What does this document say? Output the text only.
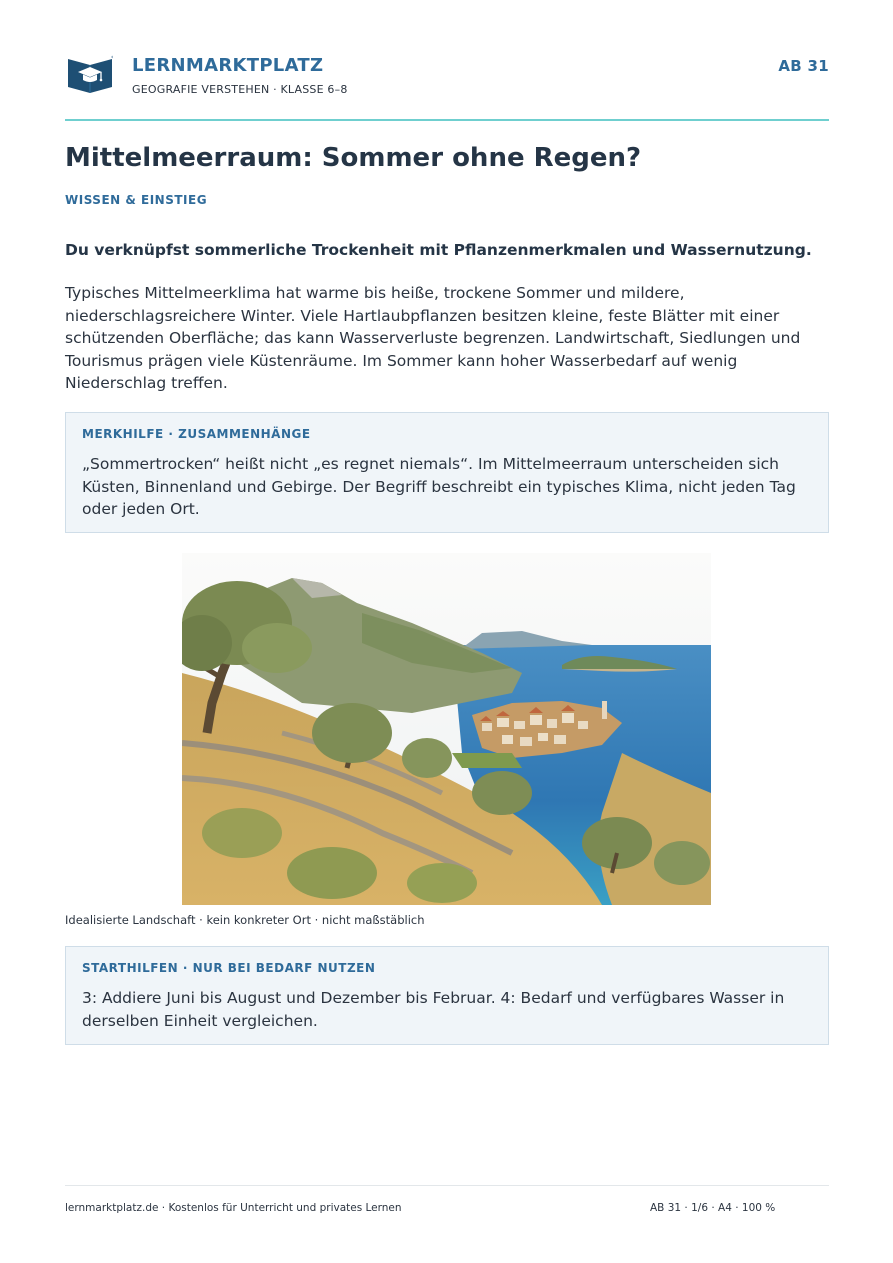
LERNMARKTPLATZ
GEOGRAFIE VERSTEHEN · KLASSE 6–8
AB 31
Mittelmeerraum: Sommer ohne Regen?
WISSEN & EINSTIEG

Du verknüpfst sommerliche Trockenheit mit Pflanzenmerkmalen und Wassernutzung.

Typisches Mittelmeerklima hat warme bis heiße, trockene Sommer und mildere, niederschlagsreichere Winter. Viele Hartlaubpflanzen besitzen kleine, feste Blätter mit einer schützenden Oberfläche; das kann Wasserverluste begrenzen. Landwirtschaft, Siedlungen und Tourismus prägen viele Küstenräume. Im Sommer kann hoher Wasserbedarf auf wenig Niederschlag treffen.

MERKHILFE · ZUSAMMENHÄNGE

„Sommertrocken“ heißt nicht „es regnet niemals“. Im Mittelmeerraum unterscheiden sich Küsten, Binnenland und Gebirge. Der Begriff beschreibt ein typisches Klima, nicht jeden Tag oder jeden Ort.

Idealisierte Landschaft · kein konkreter Ort · nicht maßstäblich
STARTHILFEN · NUR BEI BEDARF NUTZEN

3: Addiere Juni bis August und Dezember bis Februar. 4: Bedarf und verfügbares Wasser in derselben Einheit vergleichen.

lernmarktplatz.de · Kostenlos für Unterricht und privates Lernen	AB 31 · 1/6 · A4 · 100 %
